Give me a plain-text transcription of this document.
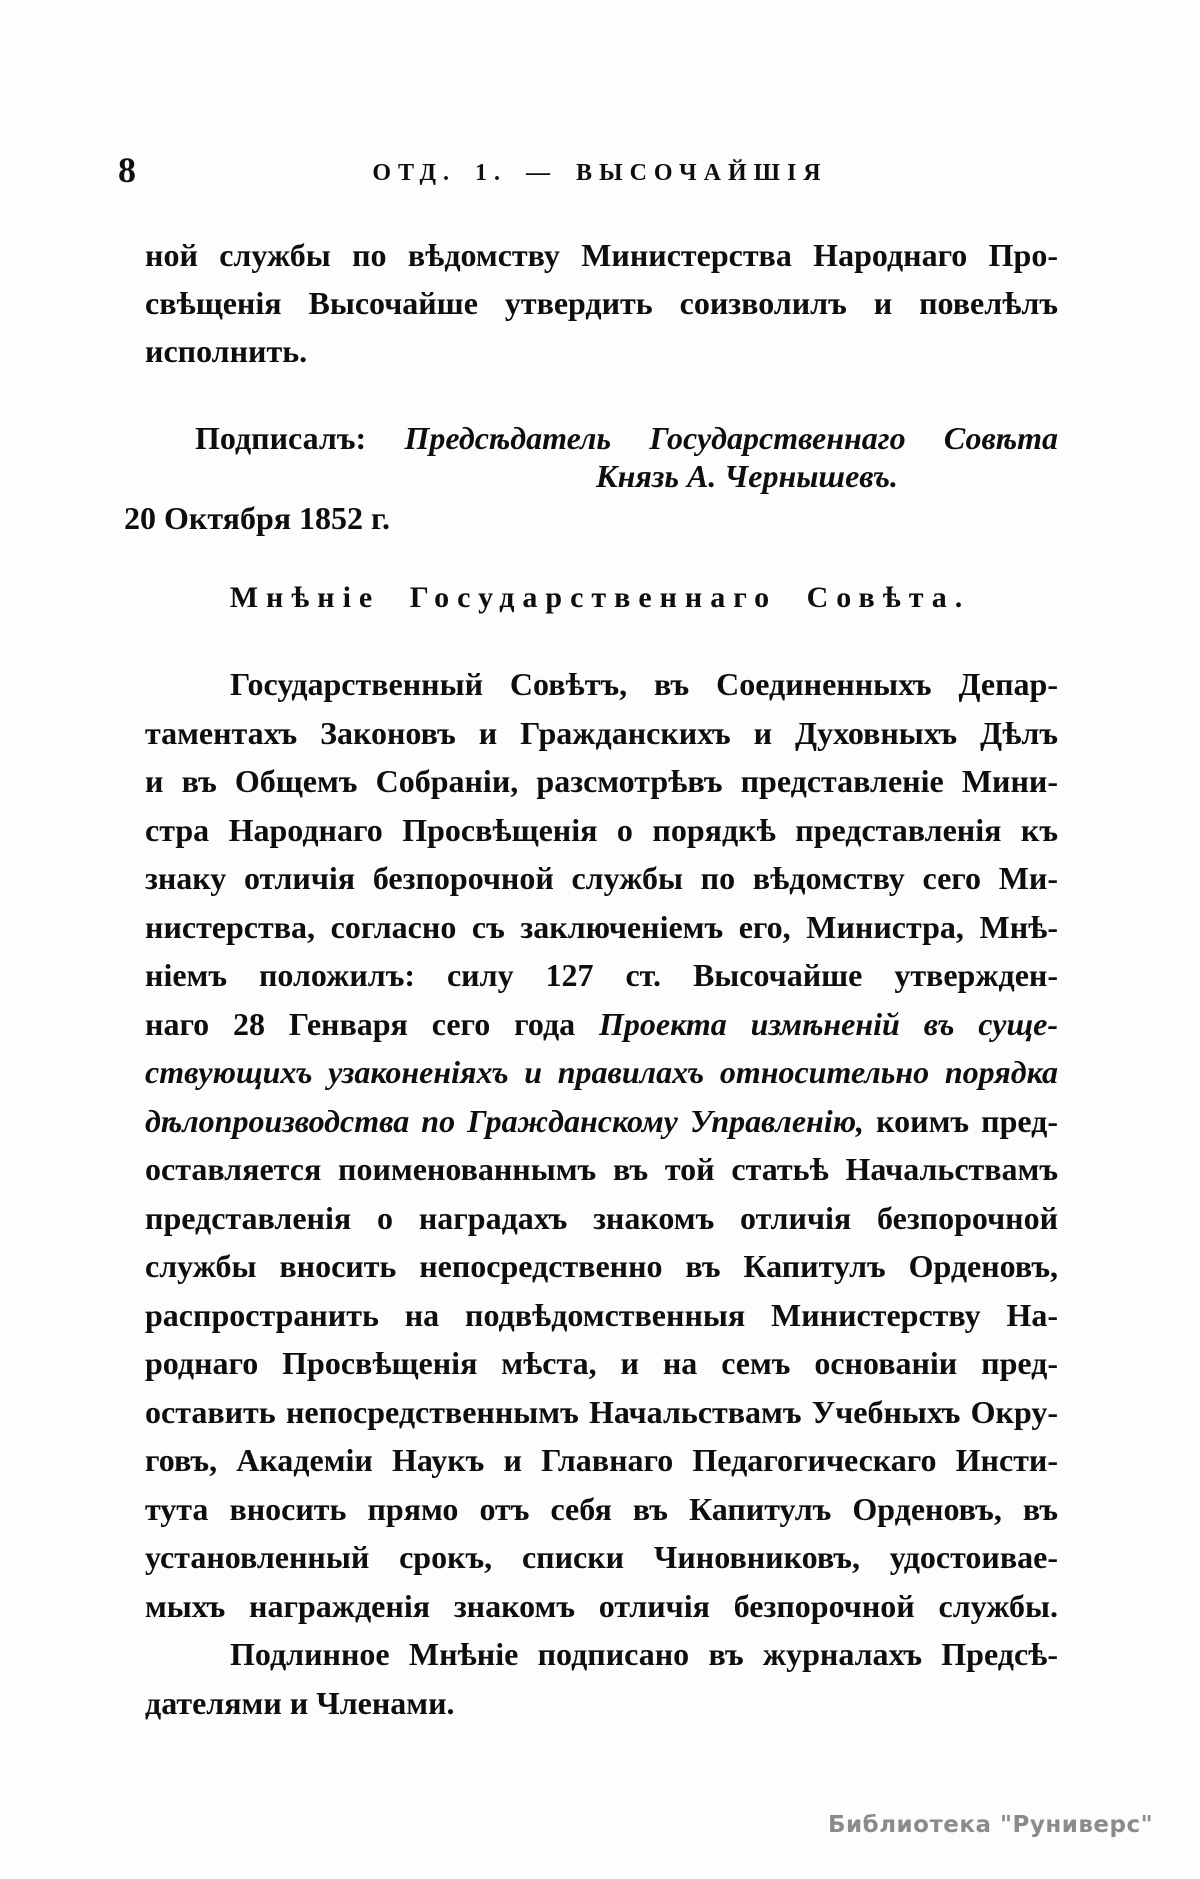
8	ОТД. 1. — ВЫСОЧАЙШІЯ
ной службы по вѣдомству Министерства Народнаго Про-
свѣщенія Высочайше утвердить соизволилъ и повелѣлъ
исполнить.
Подписалъ: Предсѣдатель Государственнаго Совѣта
Князь А. Чернышевъ.
20 Октября 1852 г.
Мнѣніе Государственнаго Совѣта.
Государственный Совѣтъ, въ Соединенныхъ Депар-
таментахъ Законовъ и Гражданскихъ и Духовныхъ Дѣлъ
и въ Общемъ Собраніи, разсмотрѣвъ представленіе Мини-
стра Народнаго Просвѣщенія о порядкѣ представленія къ
знаку отличія безпорочной службы по вѣдомству сего Ми-
нистерства, согласно съ заключеніемъ его, Министра, Мнѣ-
ніемъ положилъ: силу 127 ст. Высочайше утвержден-
наго 28 Генваря сего года Проекта измѣненій въ суще-
ствующихъ узаконеніяхъ и правилахъ относительно порядка
дѣлопроизводства по Гражданскому Управленію, коимъ пред-
оставляется поименованнымъ въ той статьѣ Начальствамъ
представленія о наградахъ знакомъ отличія безпорочной
службы вносить непосредственно въ Капитулъ Орденовъ,
распространить на подвѣдомственныя Министерству На-
роднаго Просвѣщенія мѣста, и на семъ основаніи пред-
оставить непосредственнымъ Начальствамъ Учебныхъ Окру-
говъ, Академіи Наукъ и Главнаго Педагогическаго Инсти-
тута вносить прямо отъ себя въ Капитулъ Орденовъ, въ
установленный срокъ, списки Чиновниковъ, удостоивае-
мыхъ награжденія знакомъ отличія безпорочной службы.
Подлинное Мнѣніе подписано въ журналахъ Предсѣ-
дателями и Членами.
Библиотека "Руниверс"
